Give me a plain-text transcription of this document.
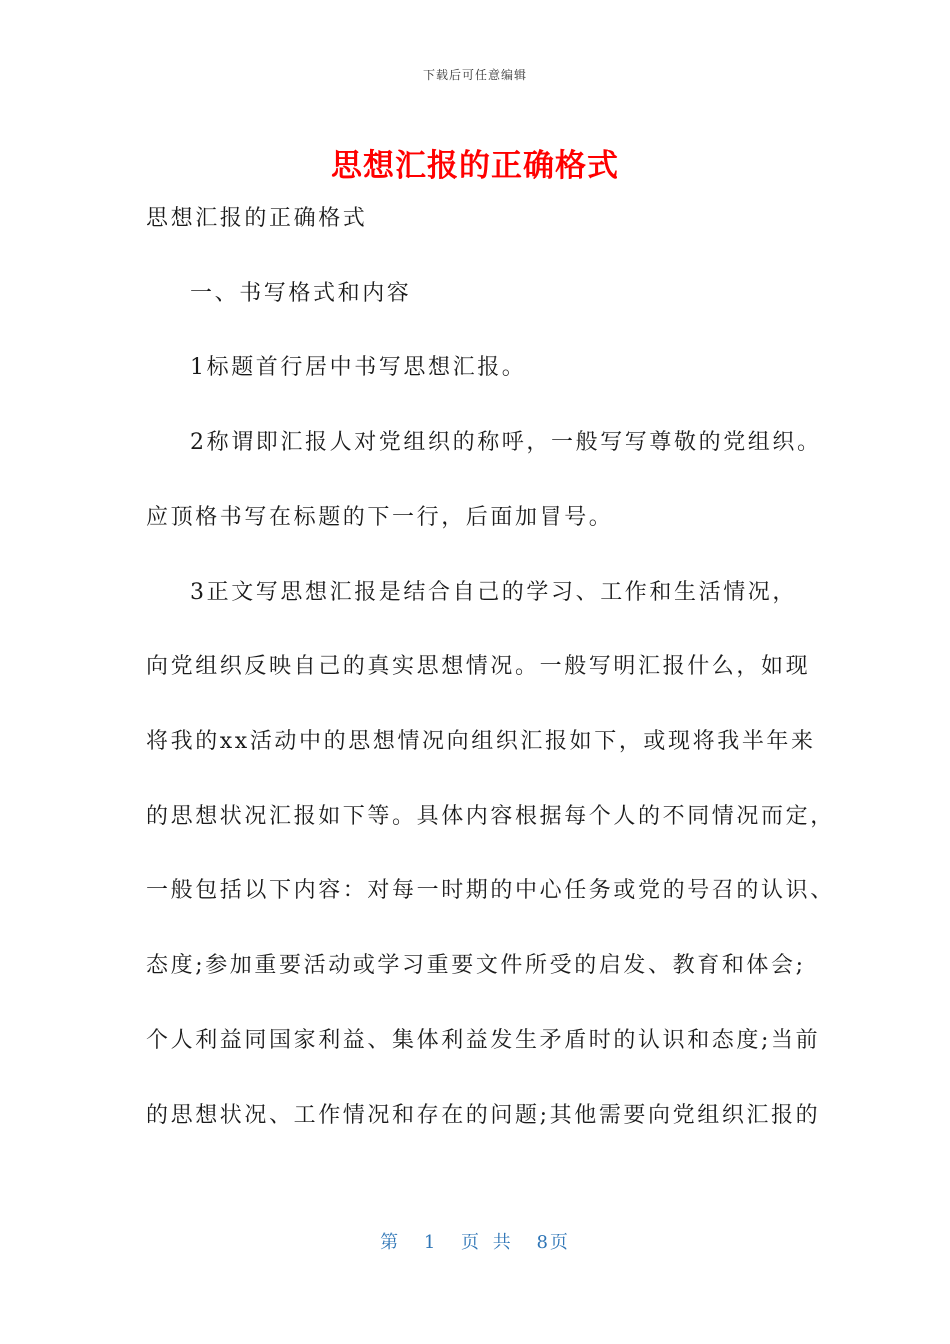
下载后可任意编辑
思想汇报的正确格式
思想汇报的正确格式
一、书写格式和内容
1标题首行居中书写思想汇报。
2称谓即汇报人对党组织的称呼，一般写写尊敬的党组织。
应顶格书写在标题的下一行，后面加冒号。
3正文写思想汇报是结合自己的学习、工作和生活情况，
向党组织反映自己的真实思想情况。一般写明汇报什么，如现
将我的xx活动中的思想情况向组织汇报如下，或现将我半年来
的思想状况汇报如下等。具体内容根据每个人的不同情况而定，
一般包括以下内容：对每一时期的中心任务或党的号召的认识、
态度;参加重要活动或学习重要文件所受的启发、教育和体会;
个人利益同国家利益、集体利益发生矛盾时的认识和态度;当前
的思想状况、工作情况和存在的问题;其他需要向党组织汇报的
第 1 页 共 8页
